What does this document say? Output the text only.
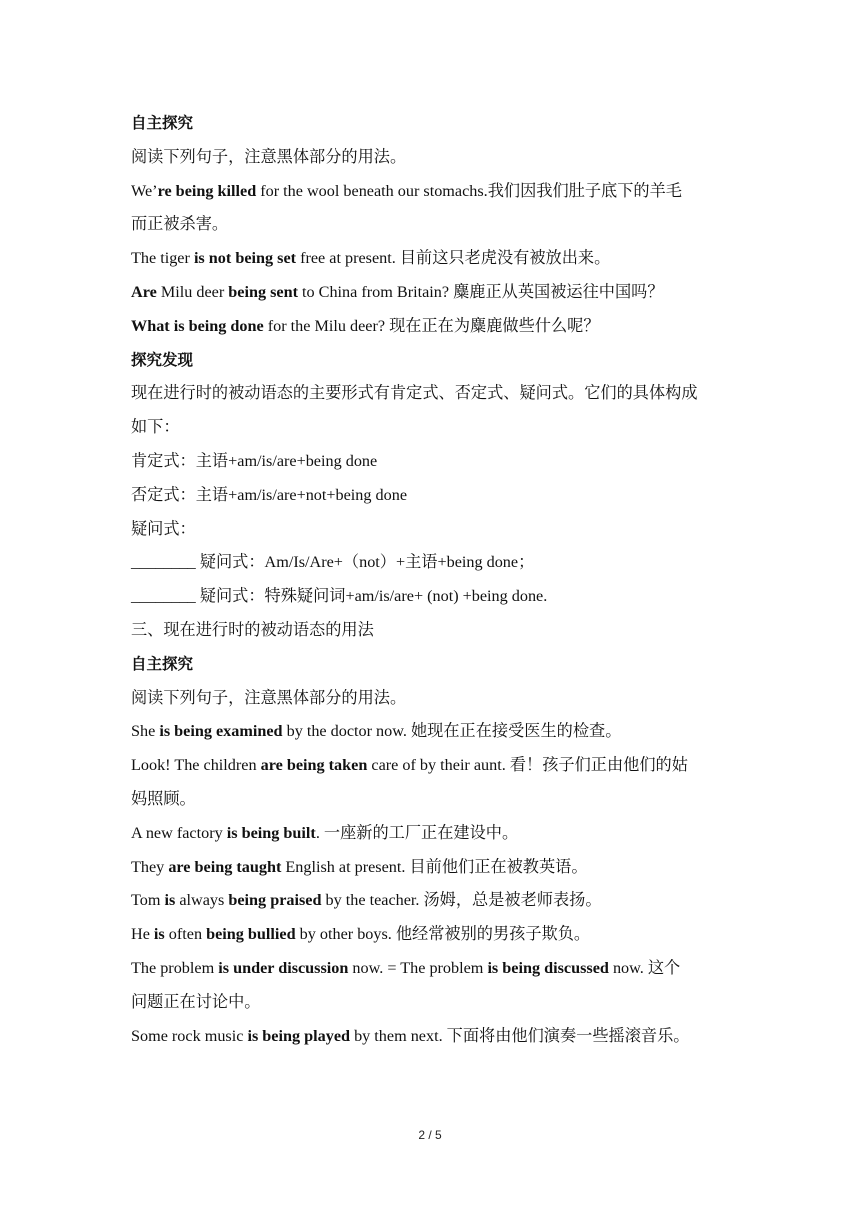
自主探究
阅读下列句子，注意黑体部分的用法。
We’re being killed for the wool beneath our stomachs.我们因我们肚子底下的羊毛
而正被杀害。
The tiger is not being set free at present. 目前这只老虎没有被放出来。
Are Milu deer being sent to China from Britain? 麋鹿正从英国被运往中国吗？
What is being done for the Milu deer? 现在正在为麋鹿做些什么呢？
探究发现
现在进行时的被动语态的主要形式有肯定式、否定式、疑问式。它们的具体构成
如下：
肯定式：主语+am/is/are+being done
否定式：主语+am/is/are+not+being done
疑问式：
________ 疑问式：Am/Is/Are+（not）+主语+being done；
________ 疑问式：特殊疑问词+am/is/are+ (not) +being done.
三、现在进行时的被动语态的用法
自主探究
阅读下列句子，注意黑体部分的用法。
She is being examined by the doctor now. 她现在正在接受医生的检查。
Look! The children are being taken care of by their aunt. 看！孩子们正由他们的姑
妈照顾。
A new factory is being built. 一座新的工厂正在建设中。
They are being taught English at present. 目前他们正在被教英语。
Tom is always being praised by the teacher. 汤姆，总是被老师表扬。
He is often being bullied by other boys. 他经常被别的男孩子欺负。
The problem is under discussion now. = The problem is being discussed now. 这个
问题正在讨论中。
Some rock music is being played by them next. 下面将由他们演奏一些摇滚音乐。
2 / 5
